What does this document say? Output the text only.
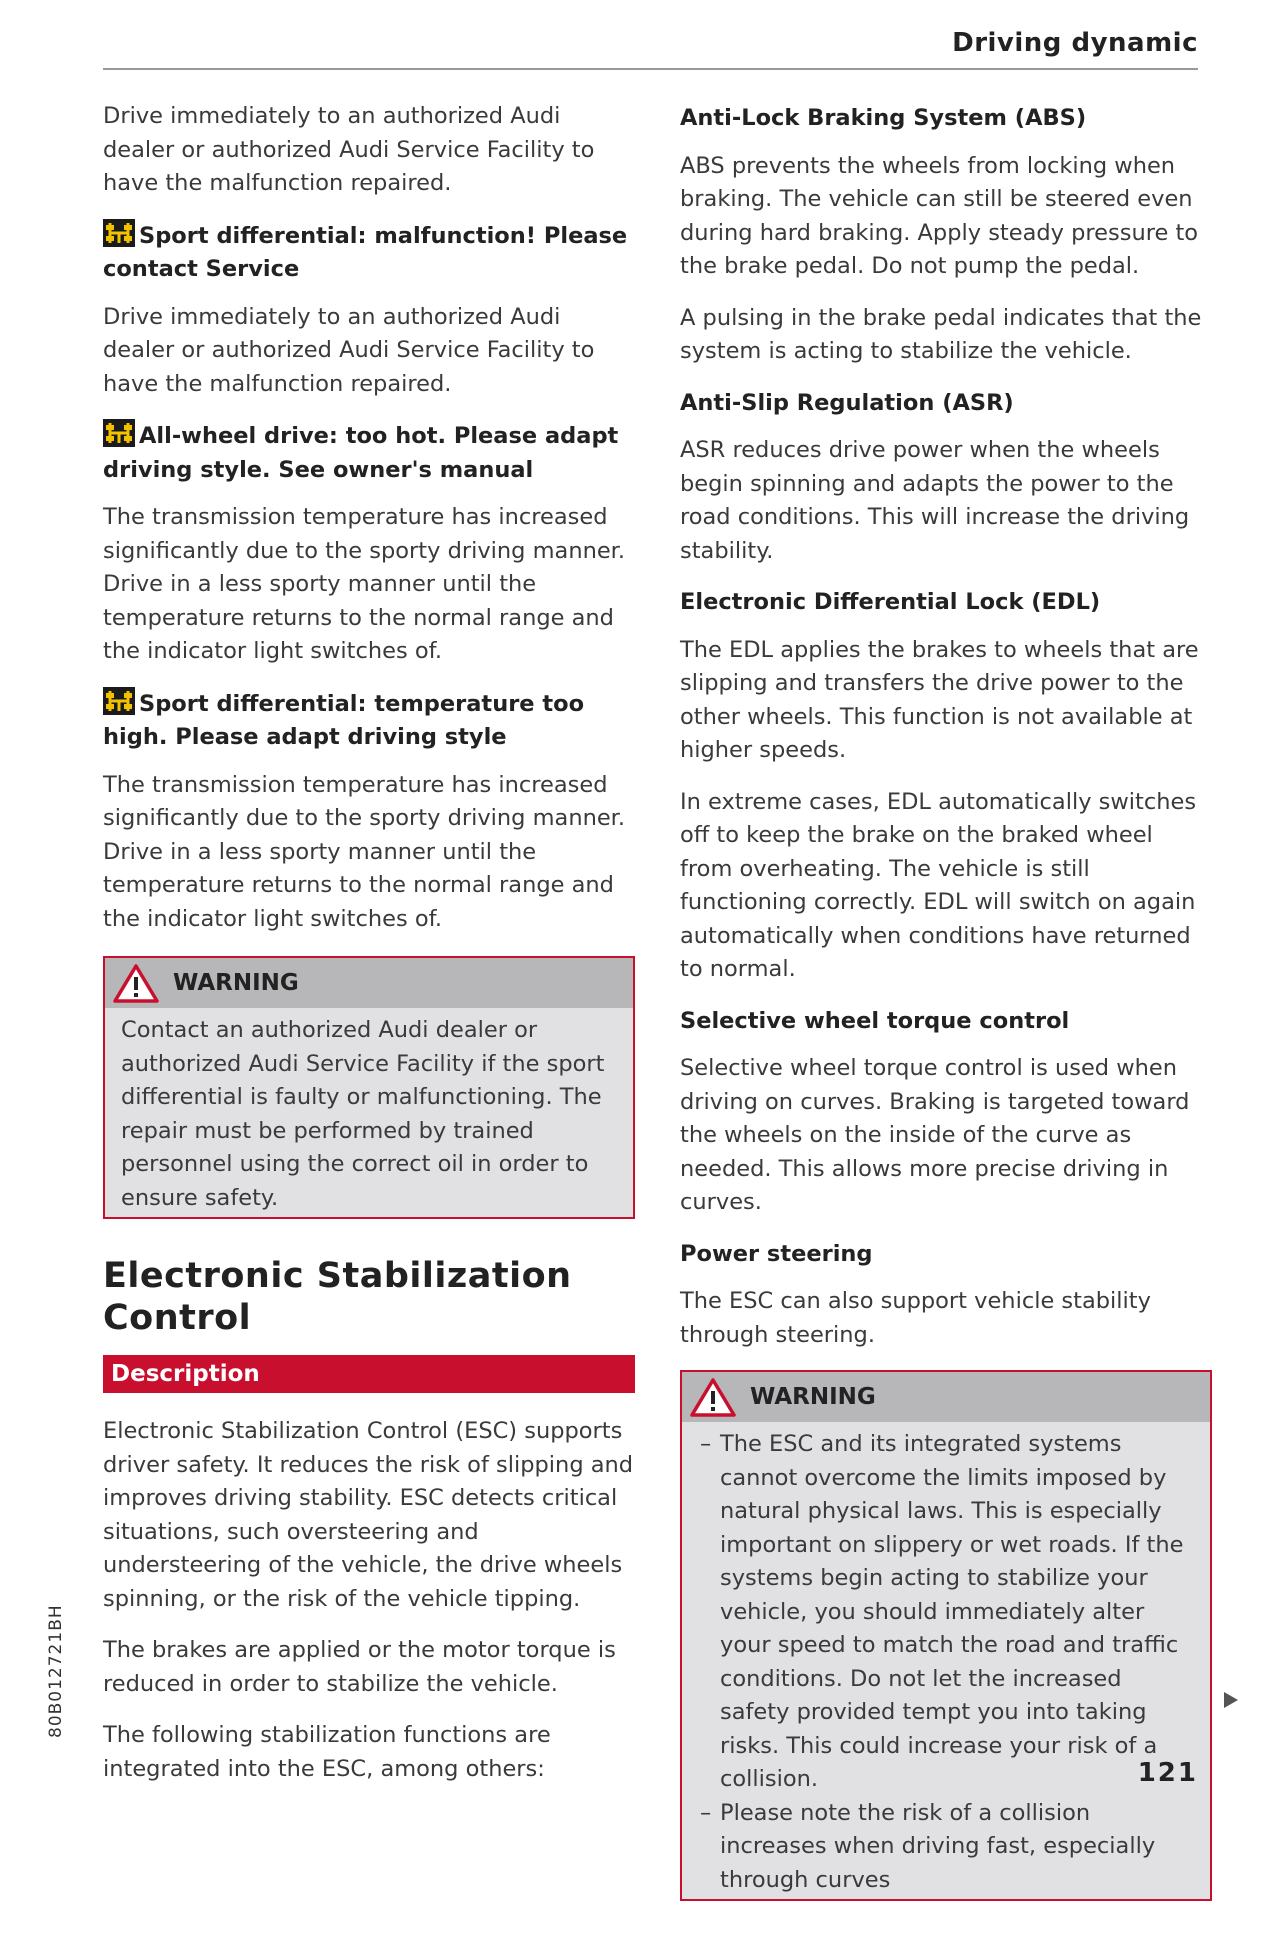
Driving dynamic

Drive immediately to an authorized Audi dealer or authorized Audi Service Facility to have the malfunction repaired.

Sport differential: malfunction! Please contact Service

Drive immediately to an authorized Audi dealer or authorized Audi Service Facility to have the malfunction repaired.

All-wheel drive: too hot. Please adapt driving style. See owner's manual

The transmission temperature has increased significantly due to the sporty driving manner. Drive in a less sporty manner until the temperature returns to the normal range and the indicator light switches of.

Sport differential: temperature too high. Please adapt driving style

The transmission temperature has increased significantly due to the sporty driving manner. Drive in a less sporty manner until the temperature returns to the normal range and the indicator light switches of.

WARNING
Contact an authorized Audi dealer or authorized Audi Service Facility if the sport differential is faulty or malfunctioning. The repair must be performed by trained personnel using the correct oil in order to ensure safety.
Electronic Stabilization Control
Description

Electronic Stabilization Control (ESC) supports driver safety. It reduces the risk of slipping and improves driving stability. ESC detects critical situations, such oversteering and understeering of the vehicle, the drive wheels spinning, or the risk of the vehicle tipping.

The brakes are applied or the motor torque is reduced in order to stabilize the vehicle.

The following stabilization functions are integrated into the ESC, among others:

Anti-Lock Braking System (ABS)

ABS prevents the wheels from locking when braking. The vehicle can still be steered even during hard braking. Apply steady pressure to the brake pedal. Do not pump the pedal.

A pulsing in the brake pedal indicates that the system is acting to stabilize the vehicle.

Anti-Slip Regulation (ASR)

ASR reduces drive power when the wheels begin spinning and adapts the power to the road conditions. This will increase the driving stability.

Electronic Differential Lock (EDL)

The EDL applies the brakes to wheels that are slipping and transfers the drive power to the other wheels. This function is not available at higher speeds.

In extreme cases, EDL automatically switches off to keep the brake on the braked wheel from overheating. The vehicle is still functioning correctly. EDL will switch on again automatically when conditions have returned to normal.

Selective wheel torque control

Selective wheel torque control is used when driving on curves. Braking is targeted toward the wheels on the inside of the curve as needed. This allows more precise driving in curves.

Power steering

The ESC can also support vehicle stability through steering.

WARNING
– The ESC and its integrated systems cannot overcome the limits imposed by natural physical laws. This is especially important on slippery or wet roads. If the systems begin acting to stabilize your vehicle, you should immediately alter your speed to match the road and traffic conditions. Do not let the increased safety provided tempt you into taking risks. This could increase your risk of a collision.
– Please note the risk of a collision increases when driving fast, especially through curves
80B012721BH
121
